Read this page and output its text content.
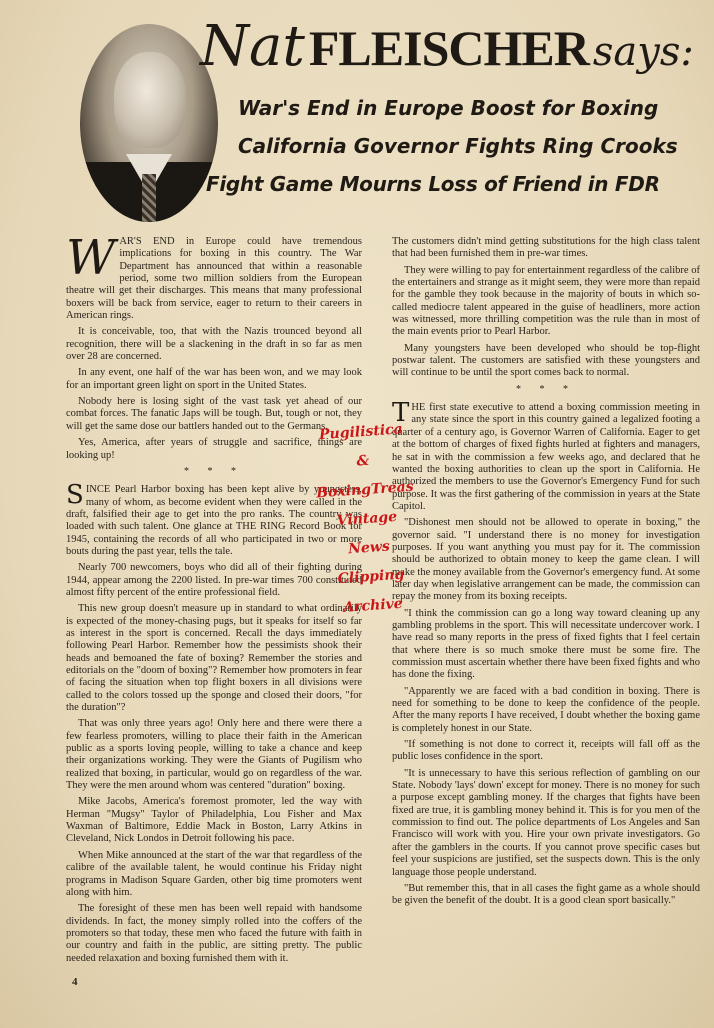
Nat FLEISCHER says:
War's End in Europe Boost for Boxing
California Governor Fights Ring Crooks
Fight Game Mourns Loss of Friend in FDR

WAR'S END in Europe could have tremendous implications for boxing in this country. The War Department has announced that within a reasonable period, some two million soldiers from the European theatre will get their discharges. This means that many professional boxers will be back from service, eager to return to their careers in American rings.

It is conceivable, too, that with the Nazis trounced beyond all recognition, there will be a slackening in the draft in so far as men over 28 are concerned.

In any event, one half of the war has been won, and we may look for an important green light on sport in the United States.

Nobody here is losing sight of the vast task yet ahead of our combat forces. The fanatic Japs will be tough. But, tough or not, they will get the same dose our battlers handed out to the Germans.

Yes, America, after years of struggle and sacrifice, things are looking up!

* * *

SINCE Pearl Harbor boxing has been kept alive by youngsters, many of whom, as become evident when they were called in the draft, falsified their age to get into the pro ranks. The country was loaded with such talent. One glance at THE RING Record Book for 1945, containing the records of all who participated in two or more bouts during the past year, tells the tale.

Nearly 700 newcomers, boys who did all of their fighting during 1944, appear among the 2200 listed. In pre-war times 700 constituted almost fifty percent of the entire professional field.

This new group doesn't measure up in standard to what ordinarily is expected of the money-chasing pugs, but it speaks for itself so far as interest in the sport is concerned. Recall the days immediately following Pearl Harbor. Remember how the pessimists shook their heads and bemoaned the fate of boxing? Remember the stories and editorials on the "doom of boxing"? Remember how promoters in fear of facing the situation when top flight boxers in all divisions were called to the colors tossed up the sponge and closed their doors, "for the duration"?

That was only three years ago! Only here and there were there a few fearless promoters, willing to place their faith in the American public as a sports loving people, willing to take a chance and keep their organizations working. They were the Giants of Pugilism who realized that boxing, in particular, would go on regardless of the war. They were the men around whom was centered "duration" boxing.

Mike Jacobs, America's foremost promoter, led the way with Herman "Mugsy" Taylor of Philadelphia, Lou Fisher and Max Waxman of Baltimore, Eddie Mack in Boston, Larry Atkins in Cleveland, Nick Londos in Detroit following his pace.

When Mike announced at the start of the war that regardless of the calibre of the available talent, he would continue his Friday night programs in Madison Square Garden, other big time promoters went along with him.

The foresight of these men has been well repaid with handsome dividends. In fact, the money simply rolled into the coffers of the promoters so that today, these men who faced the future with faith in our country and faith in the public, are sitting pretty. The public needed relaxation and boxing furnished them with it.

The customers didn't mind getting substitutions for the high class talent that had been furnished them in pre-war times.

They were willing to pay for entertainment regardless of the calibre of the entertainers and strange as it might seem, they were more than repaid for the gamble they took because in the majority of bouts in which so-called mediocre talent appeared in the guise of headliners, more action was witnessed, more thrilling competition was the rule than in most of the main events prior to Pearl Harbor.

Many youngsters have been developed who should be top-flight postwar talent. The customers are satisfied with these youngsters and will continue to be until the sport comes back to normal.

* * *

THE first state executive to attend a boxing commission meeting in any state since the sport in this country gained a legalized footing a quarter of a century ago, is Governor Warren of California. Eager to get at the bottom of charges of fixed fights hurled at fighters and managers, he sat in with the commission a few weeks ago, and declared that he wanted the boxing authorities to clean up the sport in California. He authorized the members to use the Governor's Emergency Fund for such purpose. It was the first gathering of the commission in years at the State Capitol.

"Dishonest men should not be allowed to operate in boxing," the governor said. "I understand there is no money for investigation purposes. If you want anything you must pay for it. The commission should be authorized to obtain money to keep the game clean. I will make the money available from the Governor's emergency fund. At some later day when legislative arrangement can be made, the commission can repay the money from its boxing receipts.

"I think the commission can go a long way toward cleaning up any gambling problems in the sport. This will necessitate undercover work. I have read so many reports in the press of fixed fights that I feel certain that where there is so much smoke there must be some fire. The commission must ascertain whether there have been fixed fights and who has done the fixing.

"Apparently we are faced with a bad condition in boxing. There is need for something to be done to keep the confidence of the people. After the many reports I have received, I doubt whether the boxing game is completely honest in our State.

"If something is not done to correct it, receipts will fall off as the public loses confidence in the sport.

"It is unnecessary to have this serious reflection of gambling on our State. Nobody 'lays' down' except for money. There is no money for such a purpose except gambling money. If the charges that fights have been fixed are true, it is gambling money behind it. This is for you men of the commission to find out. The police departments of Los Angeles and San Francisco will work with you. Hire your own private investigators. Go after the gamblers in the courts. If you cannot prove specific cases but feel your suspicions are justified, set the suspects down. This is the only language those people understand.

"But remember this, that in all cases the fight game as a whole should be given the benefit of the doubt. It is a good clean sport basically."

Pugilistica
&
BoxingTreas
Vintage
News
Clipping
Archive
4
